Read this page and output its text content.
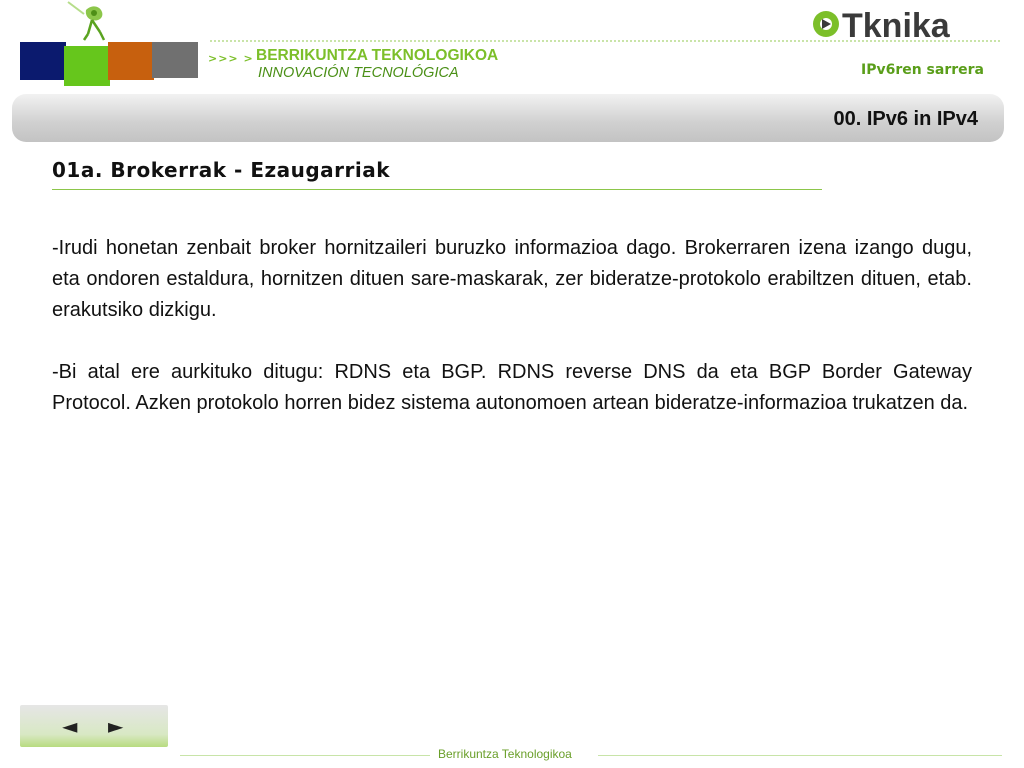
>>> > BERRIKUNTZA TEKNOLOGIKOA
INNOVACIÓN TECNOLÓGICA
Tknika
IPv6ren sarrera
00. IPv6 in IPv4
01a. Brokerrak - Ezaugarriak

-Irudi honetan zenbait broker hornitzaileri buruzko informazioa dago. Brokerraren izena izango dugu, eta ondoren estaldura, hornitzen dituen sare-maskarak, zer bideratze-protokolo erabiltzen dituen, etab. erakutsiko dizkigu.

-Bi atal ere aurkituko ditugu: RDNS eta BGP. RDNS reverse DNS da eta BGP Border Gateway Protocol. Azken protokolo horren bidez sistema autonomoen artean bideratze-informazioa trukatzen da.

◄ ►
Berrikuntza Teknologikoa
